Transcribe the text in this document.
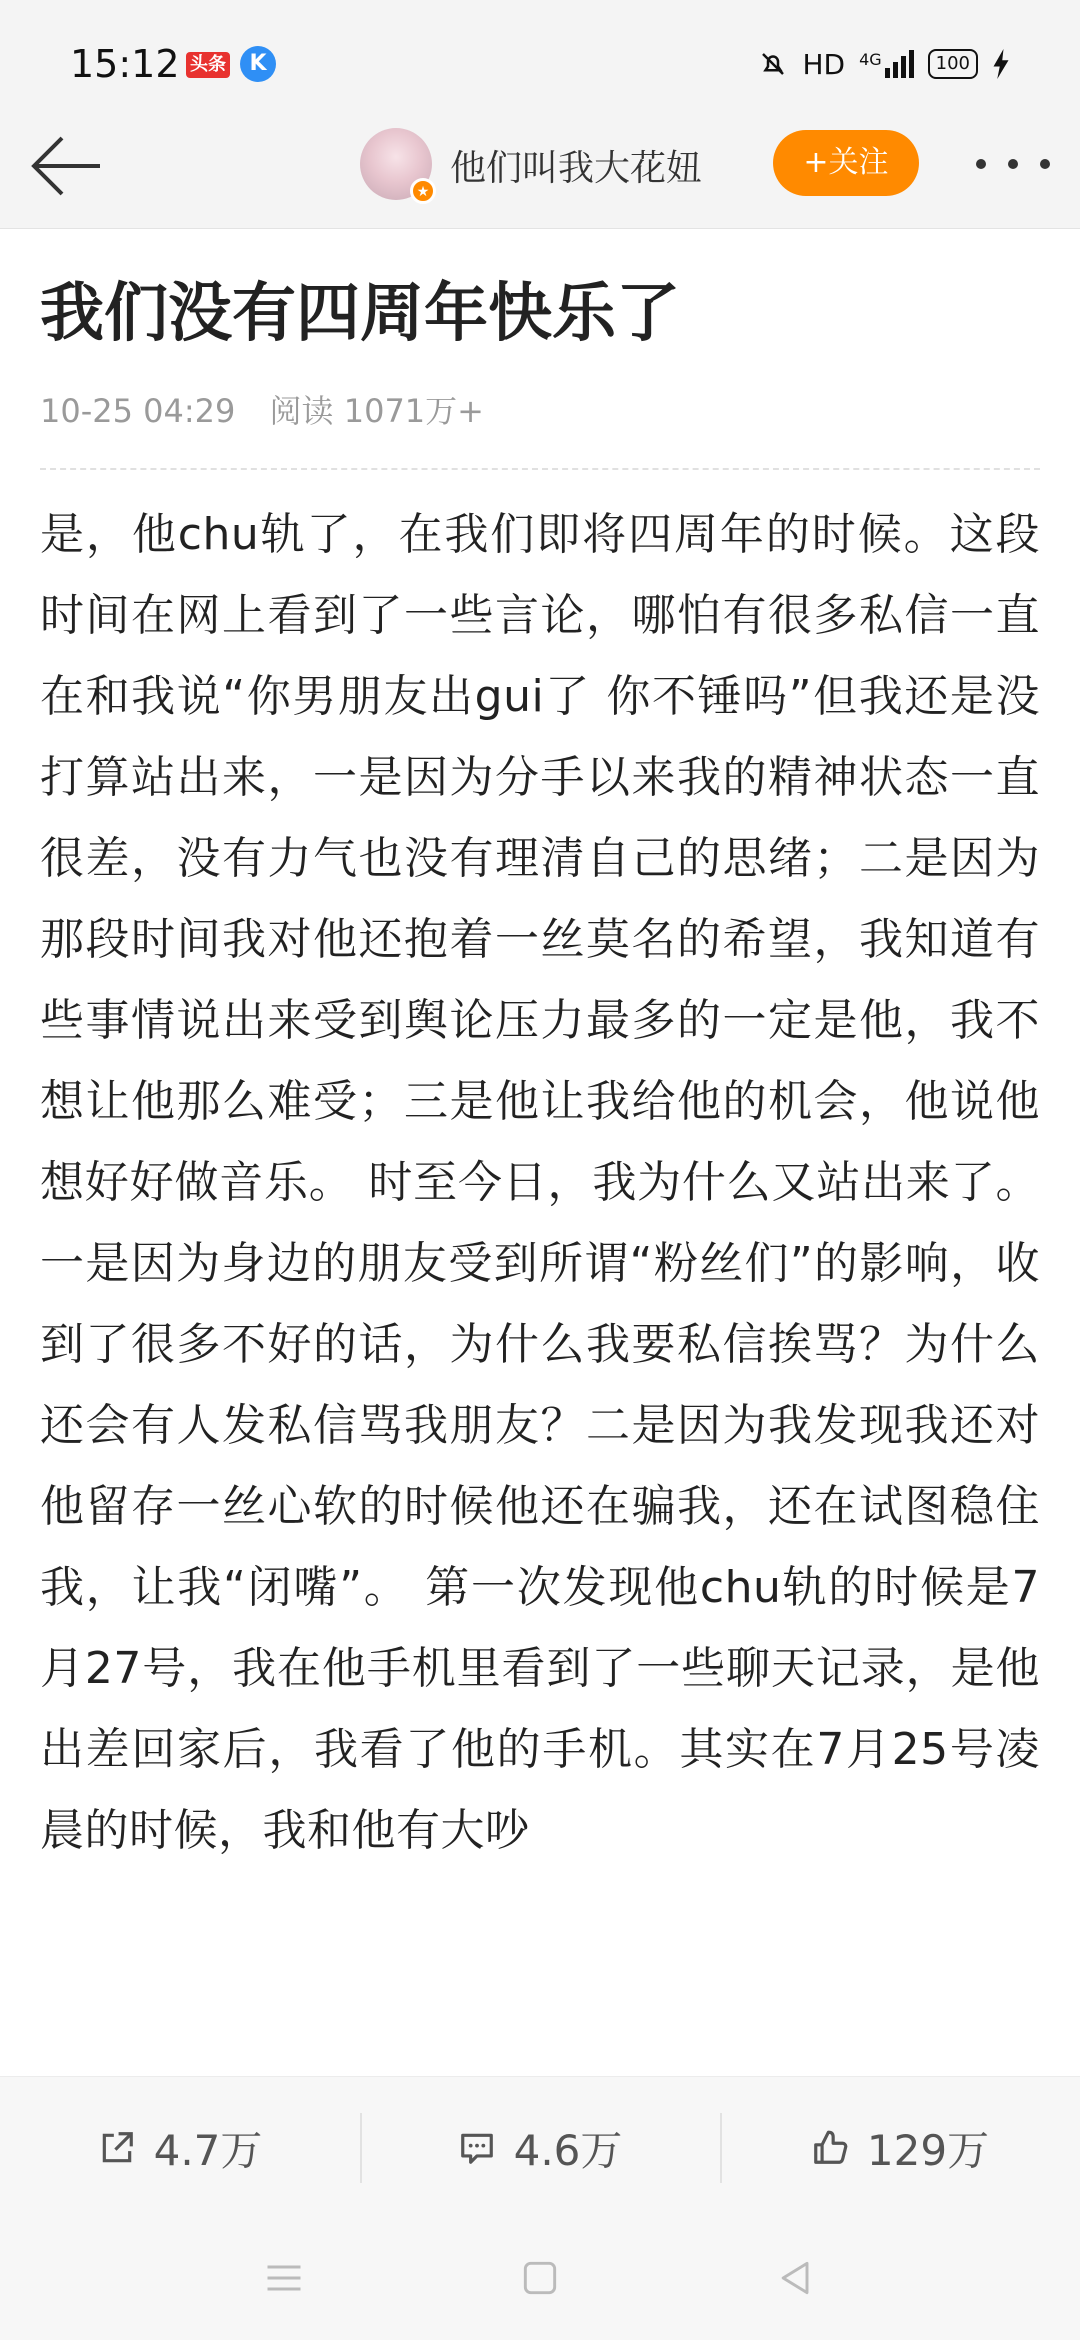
15:12 头条	K	HD 4G	100
★
他们叫我大花妞	+关注
我们没有四周年快乐了
10-25 04:29 阅读 1071万+
是，他chu轨了，在我们即将四周年的时候。这段时间在网上看到了一些言论，哪怕有很多私信一直在和我说“你男朋友出gui了 你不锤吗”但我还是没打算站出来，一是因为分手以来我的精神状态一直很差，没有力气也没有理清自己的思绪；二是因为那段时间我对他还抱着一丝莫名的希望，我知道有些事情说出来受到舆论压力最多的一定是他，我不想让他那么难受；三是他让我给他的机会，他说他想好好做音乐。 时至今日，我为什么又站出来了。一是因为身边的朋友受到所谓“粉丝们”的影响，收到了很多不好的话，为什么我要私信挨骂？为什么还会有人发私信骂我朋友？二是因为我发现我还对他留存一丝心软的时候他还在骗我，还在试图稳住我，让我“闭嘴”。 第一次发现他chu轨的时候是7月27号，我在他手机里看到了一些聊天记录，是他出差回家后，我看了他的手机。其实在7月25号凌晨的时候，我和他有大吵
4.7万	4.6万	129万
